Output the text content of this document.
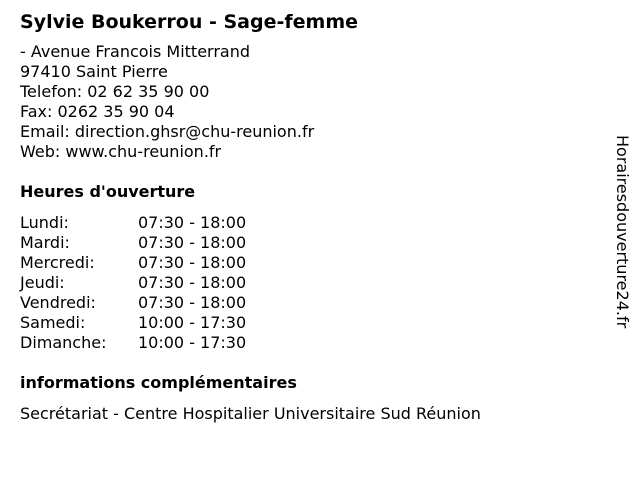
Sylvie Boukerrou - Sage-femme
- Avenue Francois Mitterrand
97410 Saint Pierre
Telefon: 02 62 35 90 00
Fax: 0262 35 90 04
Email: direction.ghsr@chu-reunion.fr
Web: www.chu-reunion.fr
Heures d'ouverture
Lundi:	07:30 - 18:00
Mardi:	07:30 - 18:00
Mercredi:	07:30 - 18:00
Jeudi:	07:30 - 18:00
Vendredi:	07:30 - 18:00
Samedi:	10:00 - 17:30
Dimanche:	10:00 - 17:30
informations complémentaires
Secrétariat - Centre Hospitalier Universitaire Sud Réunion
Horairesdouverture24.fr
